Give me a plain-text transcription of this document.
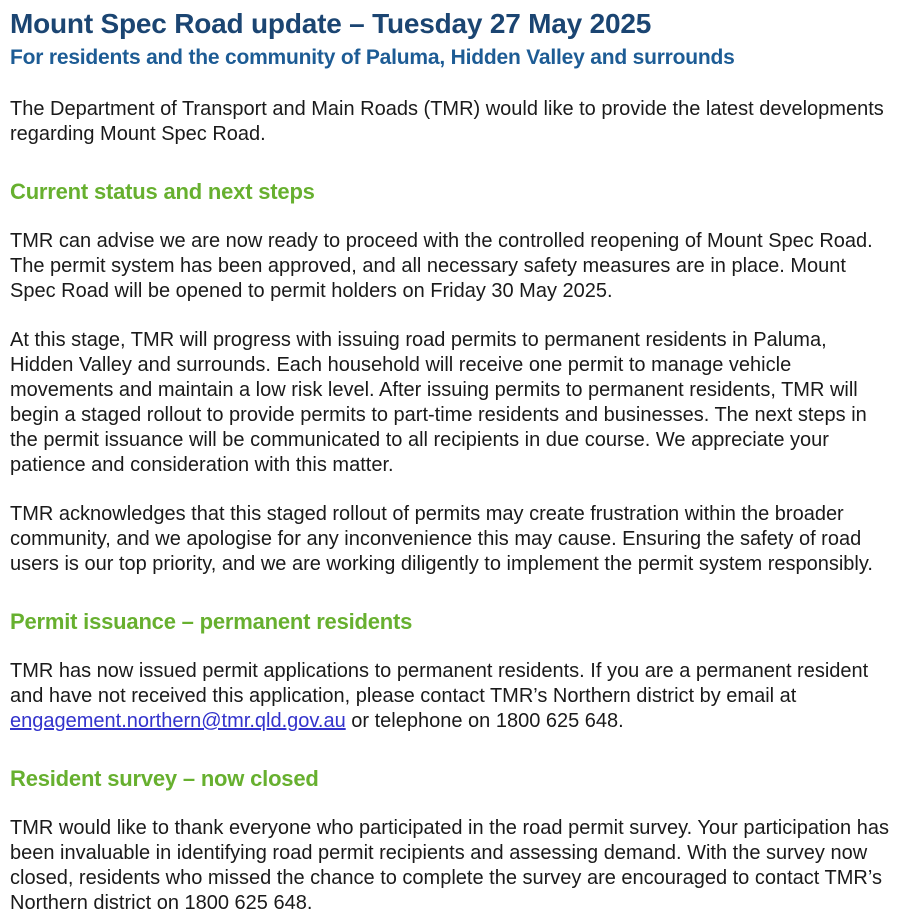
Mount Spec Road update – Tuesday 27 May 2025
For residents and the community of Paluma, Hidden Valley and surrounds

The Department of Transport and Main Roads (TMR) would like to provide the latest developments regarding Mount Spec Road.

Current status and next steps

TMR can advise we are now ready to proceed with the controlled reopening of Mount Spec Road. The permit system has been approved, and all necessary safety measures are in place. Mount Spec Road will be opened to permit holders on Friday 30 May 2025.

At this stage, TMR will progress with issuing road permits to permanent residents in Paluma, Hidden Valley and surrounds. Each household will receive one permit to manage vehicle movements and maintain a low risk level. After issuing permits to permanent residents, TMR will begin a staged rollout to provide permits to part-time residents and businesses. The next steps in the permit issuance will be communicated to all recipients in due course. We appreciate your patience and consideration with this matter.

TMR acknowledges that this staged rollout of permits may create frustration within the broader community, and we apologise for any inconvenience this may cause. Ensuring the safety of road users is our top priority, and we are working diligently to implement the permit system responsibly.

Permit issuance – permanent residents

TMR has now issued permit applications to permanent residents. If you are a permanent resident and have not received this application, please contact TMR’s Northern district by email at engagement.northern@tmr.qld.gov.au or telephone on 1800 625 648.

Resident survey – now closed

TMR would like to thank everyone who participated in the road permit survey. Your participation has been invaluable in identifying road permit recipients and assessing demand. With the survey now closed, residents who missed the chance to complete the survey are encouraged to contact TMR’s Northern district on 1800 625 648.
